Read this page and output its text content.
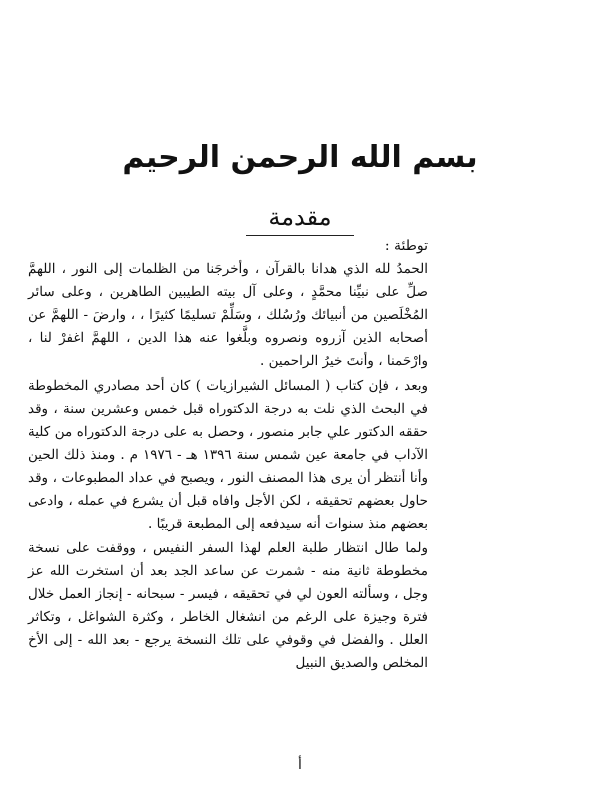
بسم الله الرحمن الرحيم
مقدمة
توطئة :

الحمدُ لله الذي هدانا بالقرآن ، وأخرجَنا من الظلمات إلى النور ، اللهمَّ صلِّ على نبيِّنا محمَّدٍ ، وعلى آل بيته الطيبين الطاهرين ، وعلى سائر المُخْلَصين من أنبيائك ورُسُلك ، وسَلِّمْ تسليمًا كثيرًا ، ، وارضَ - اللهمَّ عن أصحابه الذين آزروه ونصروه وبلَّغوا عنه هذا الدين ، اللهمَّ اغفرْ لنا ، وارْحَمنا ، وأنتَ خيرُ الراحمين .

وبعد ، فإن كتاب ( المسائل الشيرازيات ) كان أحد مصادري المخطوطة في البحث الذي نلت به درجة الدكتوراه قبل خمس وعشرين سنة ، وقد حققه الدكتور علي جابر منصور ، وحصل به على درجة الدكتوراه من كلية الآداب في جامعة عين شمس سنة ١٣٩٦ هـ - ١٩٧٦ م . ومنذ ذلك الحين وأنا أنتظر أن يرى هذا المصنف النور ، ويصبح في عداد المطبوعات ، وقد حاول بعضهم تحقيقه ، لكن الأجل وافاه قبل أن يشرع في عمله ، وادعى بعضهم منذ سنوات أنه سيدفعه إلى المطبعة قريبًا .

ولما طال انتظار طلبة العلم لهذا السفر النفيس ، ووقفت على نسخة مخطوطة ثانية منه - شمرت عن ساعد الجد بعد أن استخرت الله عز وجل ، وسألته العون لي في تحقيقه ، فيسر - سبحانه - إنجاز العمل خلال فترة وجيزة على الرغم من انشغال الخاطر ، وكثرة الشواغل ، وتكاثر العلل . والفضل في وقوفي على تلك النسخة يرجع - بعد الله - إلى الأخ المخلص والصديق النبيل

أ
